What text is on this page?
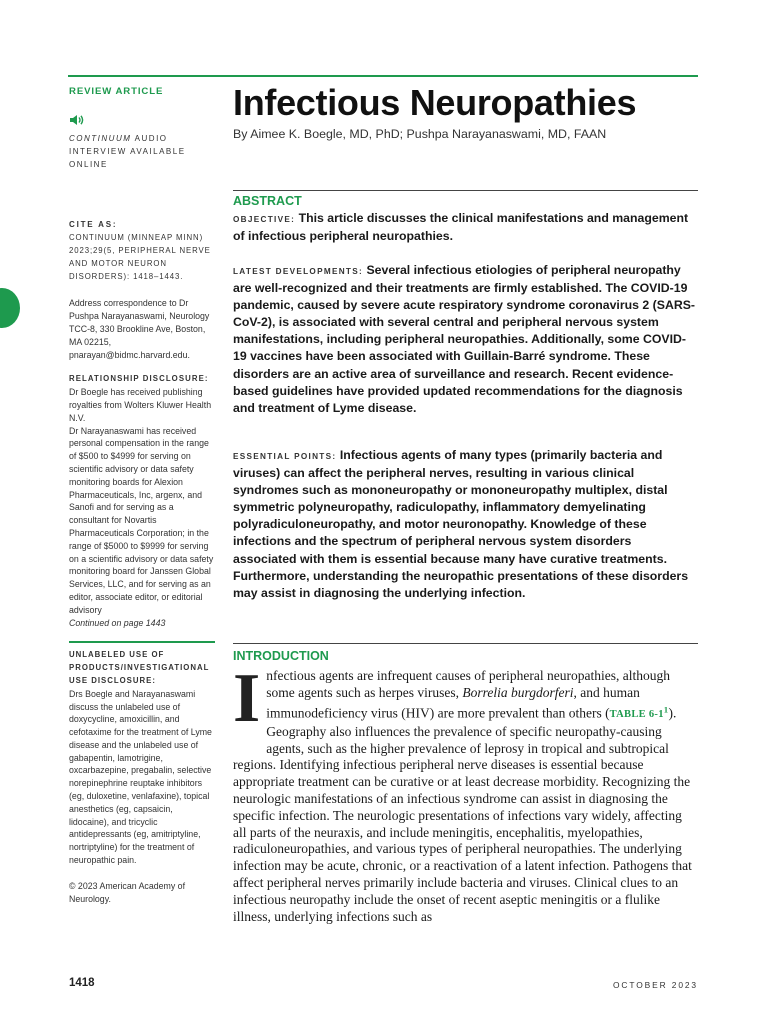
REVIEW ARTICLE
CONTINUUM AUDIO INTERVIEW AVAILABLE ONLINE
CITE AS:
CONTINUUM (MINNEAP MINN) 2023;29(5, PERIPHERAL NERVE AND MOTOR NEURON DISORDERS): 1418–1443.
Address correspondence to Dr Pushpa Narayanaswami, Neurology TCC-8, 330 Brookline Ave, Boston, MA 02215, pnarayan@bidmc.harvard.edu.
RELATIONSHIP DISCLOSURE:

Dr Boegle has received publishing royalties from Wolters Kluwer Health N.V.

Dr Narayanaswami has received personal compensation in the range of $500 to $4999 for serving on scientific advisory or data safety monitoring boards for Alexion Pharmaceuticals, Inc, argenx, and Sanofi and for serving as a consultant for Novartis Pharmaceuticals Corporation; in the range of $5000 to $9999 for serving on a scientific advisory or data safety monitoring board for Janssen Global Services, LLC, and for serving as an editor, associate editor, or editorial advisory

Continued on page 1443

UNLABELED USE OF PRODUCTS/INVESTIGATIONAL USE DISCLOSURE:
Drs Boegle and Narayanaswami discuss the unlabeled use of doxycycline, amoxicillin, and cefotaxime for the treatment of Lyme disease and the unlabeled use of gabapentin, lamotrigine, oxcarbazepine, pregabalin, selective norepinephrine reuptake inhibitors (eg, duloxetine, venlafaxine), topical anesthetics (eg, capsaicin, lidocaine), and tricyclic antidepressants (eg, amitriptyline, nortriptyline) for the treatment of neuropathic pain.
© 2023 American Academy of Neurology.
Infectious Neuropathies
By Aimee K. Boegle, MD, PhD; Pushpa Narayanaswami, MD, FAAN
ABSTRACT
OBJECTIVE: This article discusses the clinical manifestations and management of infectious peripheral neuropathies.
LATEST DEVELOPMENTS: Several infectious etiologies of peripheral neuropathy are well-recognized and their treatments are firmly established. The COVID-19 pandemic, caused by severe acute respiratory syndrome coronavirus 2 (SARS-CoV-2), is associated with several central and peripheral nervous system manifestations, including peripheral neuropathies. Additionally, some COVID-19 vaccines have been associated with Guillain-Barré syndrome. These disorders are an active area of surveillance and research. Recent evidence-based guidelines have provided updated recommendations for the diagnosis and treatment of Lyme disease.
ESSENTIAL POINTS: Infectious agents of many types (primarily bacteria and viruses) can affect the peripheral nerves, resulting in various clinical syndromes such as mononeuropathy or mononeuropathy multiplex, distal symmetric polyneuropathy, radiculopathy, inflammatory demyelinating polyradiculoneuropathy, and motor neuronopathy. Knowledge of these infections and the spectrum of peripheral nervous system disorders associated with them is essential because many have curative treatments. Furthermore, understanding the neuropathic presentations of these disorders may assist in diagnosing the underlying infection.
INTRODUCTION
Infectious agents are infrequent causes of peripheral neuropathies, although some agents such as herpes viruses, Borrelia burgdorferi, and human immunodeficiency virus (HIV) are more prevalent than others (TABLE $6-1^1$). Geography also influences the prevalence of specific neuropathy-causing agents, such as the higher prevalence of leprosy in tropical and subtropical regions. Identifying infectious peripheral nerve diseases is essential because appropriate treatment can be curative or at least decrease morbidity. Recognizing the neurologic manifestations of an infectious syndrome can assist in diagnosing the specific infection. The neurologic presentations of infections vary widely, affecting all parts of the neuraxis, and include meningitis, encephalitis, myelopathies, radiculoneuropathies, and various types of peripheral neuropathies. The underlying infection may be acute, chronic, or a reactivation of a latent infection. Pathogens that affect peripheral nerves primarily include bacteria and viruses. Clinical clues to an infectious neuropathy include the onset of recent aseptic meningitis or a flulike illness, underlying infections such as
1418	OCTOBER 2023
